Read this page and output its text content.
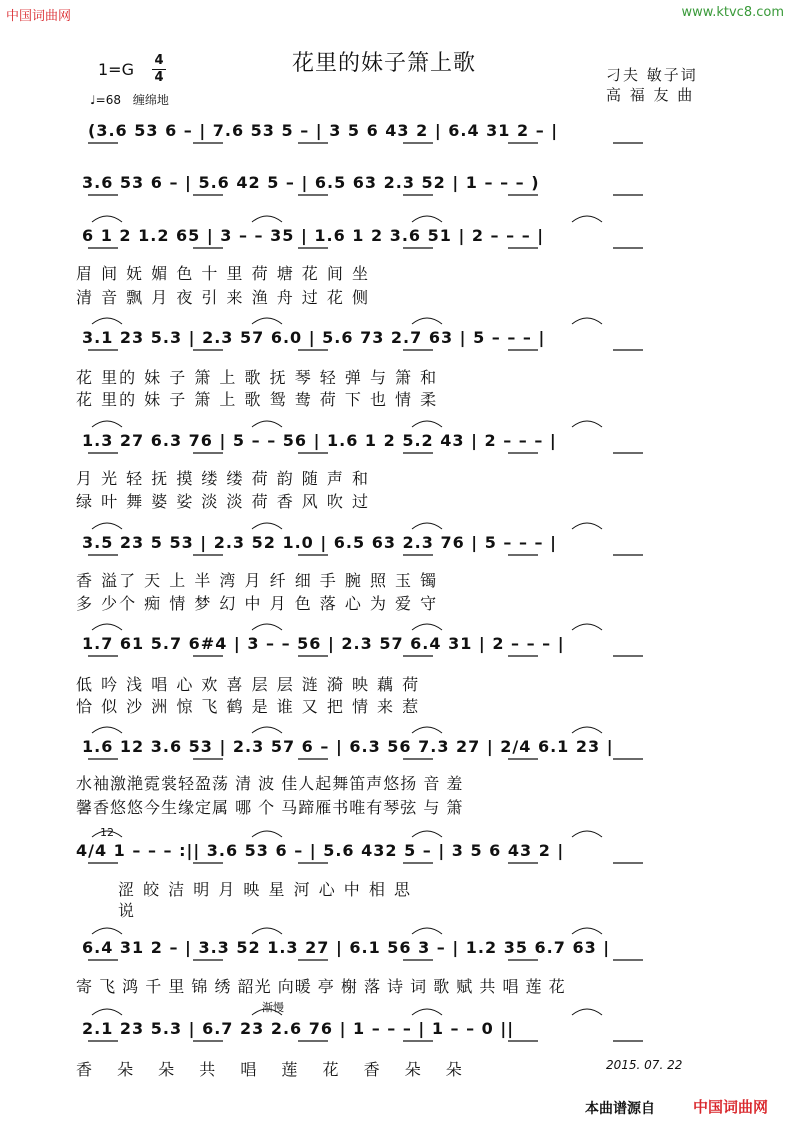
中国词曲网	www.ktvc8.com
花里的妹子箫上歌	刁夫 敏子词
高 福 友 曲
1=G 4
4
♩=68 缠绵地
(3.6 53 6 – | 7.6 53 5 – | 3 5 6 43 2 | 6.4 31 2 – |
3.6 53 6 – | 5.6 42 5 – | 6.5 63 2.3 52 | 1 – – – )
6 1 2 1.2 65 | 3 – – 35 | 1.6 1 2 3.6 51 | 2 – – – |
眉 间 妩 媚 色 十 里 荷 塘 花 间 坐
清 音 飘 月 夜 引 来 渔 舟 过 花 侧
3.1 23 5.3 | 2.3 57 6.0 | 5.6 73 2.7 63 | 5 – – – |
花 里的 妹 子 箫 上 歌 抚 琴 轻 弹 与 箫 和
花 里的 妹 子 箫 上 歌 鸳 鸯 荷 下 也 情 柔
1.3 27 6.3 76 | 5 – – 56 | 1.6 1 2 5.2 43 | 2 – – – |
月 光 轻 抚 摸 缕 缕 荷 韵 随 声 和
绿 叶 舞 婆 娑 淡 淡 荷 香 风 吹 过
3.5 23 5 53 | 2.3 52 1.0 | 6.5 63 2.3 76 | 5 – – – |
香 溢了 天 上 半 湾 月 纤 细 手 腕 照 玉 镯
多 少个 痴 情 梦 幻 中 月 色 落 心 为 爱 守
1.7 61 5.7 6#4 | 3 – – 56 | 2.3 57 6.4 31 | 2 – – – |
低 吟 浅 唱 心 欢 喜 层 层 涟 漪 映 藕 荷
恰 似 沙 洲 惊 飞 鹤 是 谁 又 把 情 来 惹
1.6 12 3.6 53 | 2.3 57 6 – | 6.3 56 7.3 27 | 2/4 6.1 23 |
水袖激滟霓裳轻盈荡 清 波 佳人起舞笛声悠扬 音 羞
馨香悠悠今生缘定属 哪 个 马蹄雁书唯有琴弦 与 箫
12
4/4 1 – – – :|| 3.6 53 6 – | 5.6 432 5 – | 3 5 6 43 2 |
涩 皎 洁 明 月 映 星 河 心 中 相 思
说
6.4 31 2 – | 3.3 52 1.3 27 | 6.1 56 3 – | 1.2 35 6.7 63 |
寄 飞 鸿 千 里 锦 绣 韶光 向暖 亭 榭 落 诗 词 歌 赋 共 唱 莲 花
渐慢
2.1 23 5.3 | 6.7 23 2.6 76 | 1 – – – | 1 – – 0 ||
香 朵 朵 共 唱 莲 花 香 朵 朵	2015. 07. 22
本曲谱源自	中国词曲网
